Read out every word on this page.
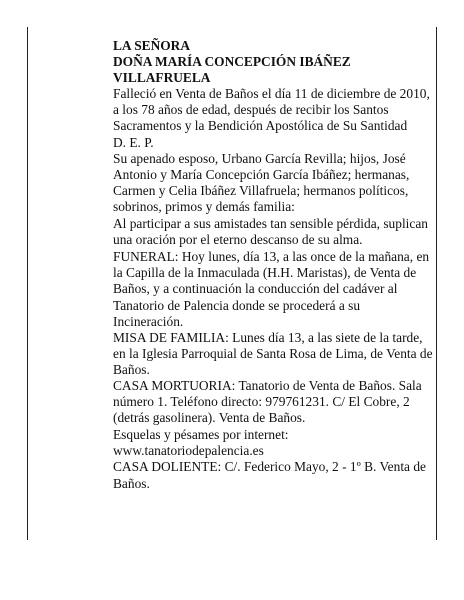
LA SEÑORA

DOÑA MARÍA CONCEPCIÓN IBÁÑEZ VILLAFRUELA

Falleció en Venta de Baños el día 11 de diciembre de 2010, a los 78 años de edad, después de recibir los Santos Sacramentos y la Bendición Apostólica de Su Santidad

D. E. P.

Su apenado esposo, Urbano García Revilla; hijos, José Antonio y María Concepción García Ibáñez; hermanas, Carmen y Celia Ibáñez Villafruela; hermanos políticos, sobrinos, primos y demás familia:

Al participar a sus amistades tan sensible pérdida, suplican una oración por el eterno descanso de su alma.

FUNERAL: Hoy lunes, día 13, a las once de la mañana, en la Capilla de la Inmaculada (H.H. Maristas), de Venta de Baños, y a continuación la conducción del cadáver al Tanatorio de Palencia donde se procederá a su Incineración.

MISA DE FAMILIA: Lunes día 13, a las siete de la tarde, en la Iglesia Parroquial de Santa Rosa de Lima, de Venta de Baños.

CASA MORTUORIA: Tanatorio de Venta de Baños. Sala número 1. Teléfono directo: 979761231. C/ El Cobre, 2 (detrás gasolinera). Venta de Baños.

Esquelas y pésames por internet: www.tanatoriodepalencia.es

CASA DOLIENTE: C/. Federico Mayo, 2 - 1º B. Venta de Baños.
